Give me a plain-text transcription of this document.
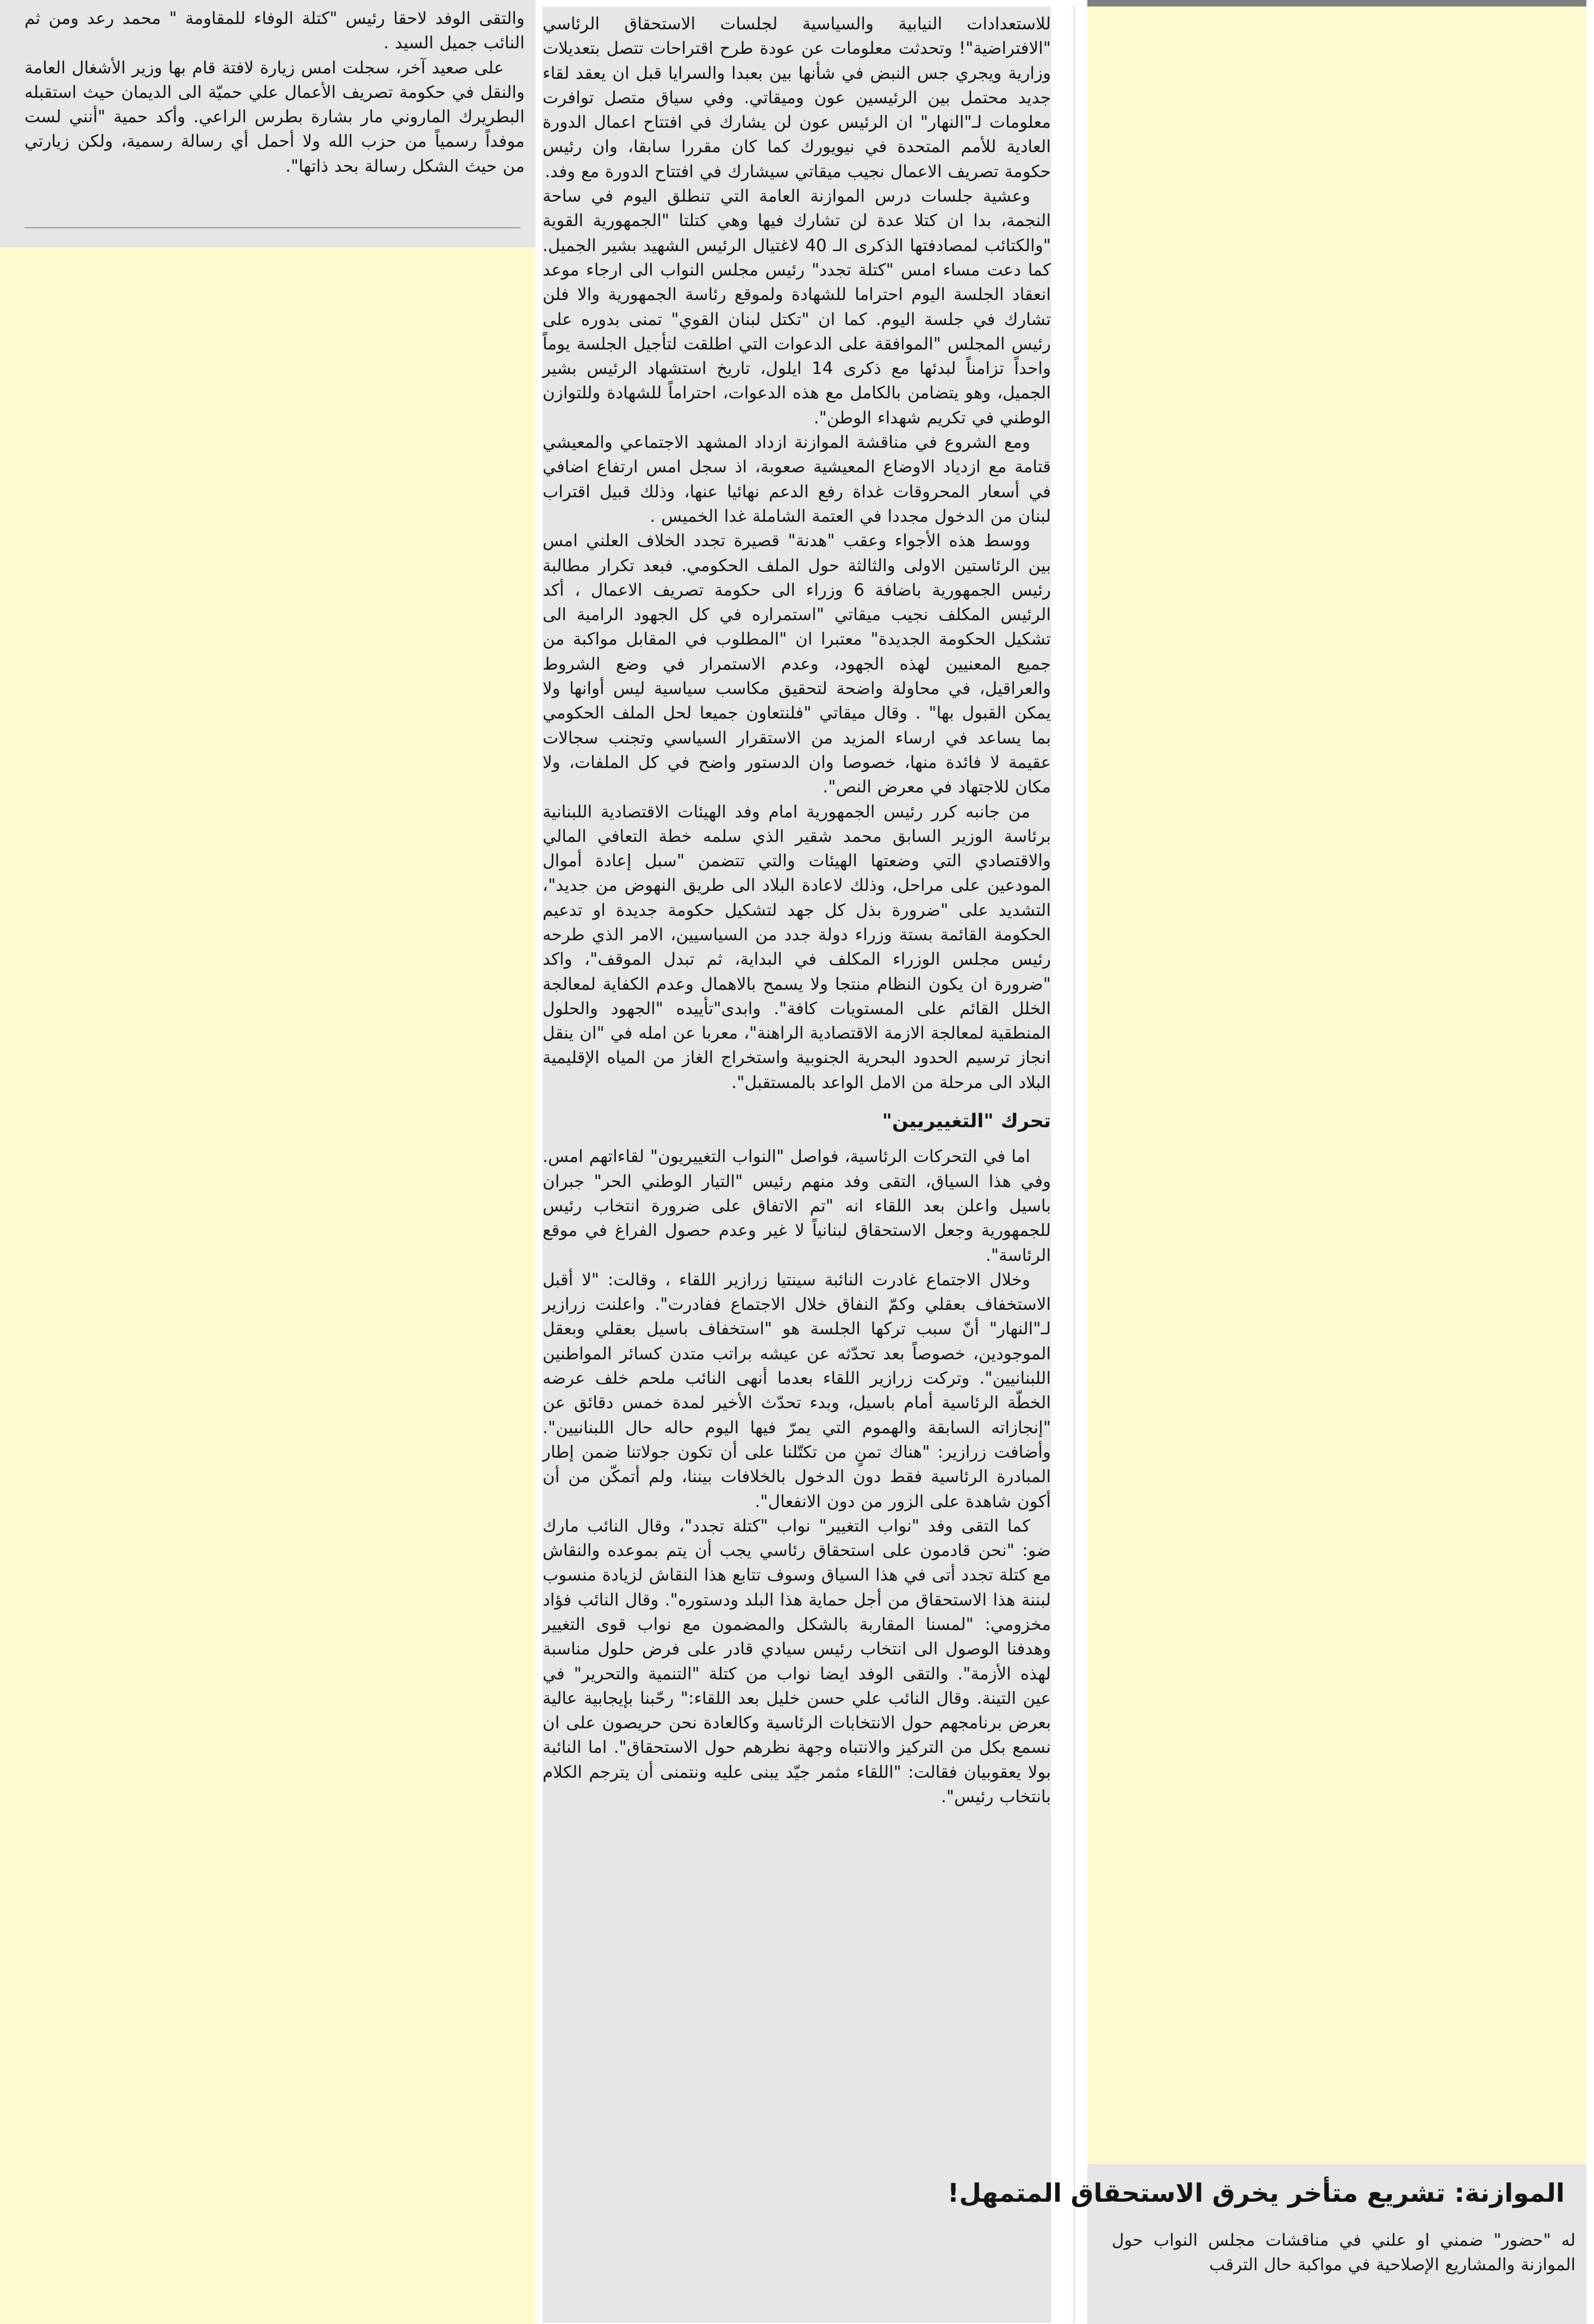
والتقى الوفد لاحقا رئيس "كتلة الوفاء للمقاومة " محمد رعد ومن ثم النائب جميل السيد .

على صعيد آخر، سجلت امس زيارة لافتة قام بها وزير الأشغال العامة والنقل في حكومة تصريف الأعمال علي حميّة الى الديمان حيث استقبله البطريرك الماروني مار بشارة بطرس الراعي. وأكد حمية "أنني لست موفداً رسمياً من حزب الله ولا أحمل أي رسالة رسمية، ولكن زيارتي من حيث الشكل رسالة بحد ذاتها".

للاستعدادات النيابية والسياسية لجلسات الاستحقاق الرئاسي "الافتراضية"! وتحدثت معلومات عن عودة طرح اقتراحات تتصل بتعديلات وزارية ويجري جس النبض في شأنها بين بعبدا والسرايا قبل ان يعقد لقاء جديد محتمل بين الرئيسين عون وميقاتي. وفي سياق متصل توافرت معلومات لـ"النهار" ان الرئيس عون لن يشارك في افتتاح اعمال الدورة العادية للأمم المتحدة في نيويورك كما كان مقررا سابقا، وان رئيس حكومة تصريف الاعمال نجيب ميقاتي سيشارك في افتتاح الدورة مع وفد.

وعشية جلسات درس الموازنة العامة التي تنطلق اليوم في ساحة النجمة، بدا ان كتلا عدة لن تشارك فيها وهي كتلتا "الجمهورية القوية "والكتائب لمصادفتها الذكرى الـ 40 لاغتيال الرئيس الشهيد بشير الجميل. كما دعت مساء امس "كتلة تجدد" رئيس مجلس النواب الى ارجاء موعد انعقاد الجلسة اليوم احتراما للشهادة ولموقع رئاسة الجمهورية والا فلن تشارك في جلسة اليوم. كما ان "تكتل لبنان القوي" تمنى بدوره على رئيس المجلس "الموافقة على الدعوات التي اطلقت لتأجيل الجلسة يوماً واحداً تزامناً لبدئها مع ذكرى 14 ايلول، تاريخ استشهاد الرئيس بشير الجميل، وهو يتضامن بالكامل مع هذه الدعوات، احتراماً للشهادة وللتوازن الوطني في تكريم شهداء الوطن".

ومع الشروع في مناقشة الموازنة ازداد المشهد الاجتماعي والمعيشي قتامة مع ازدياد الاوضاع المعيشية صعوبة، اذ سجل امس ارتفاع اضافي في أسعار المحروقات غداة رفع الدعم نهائيا عنها، وذلك قبيل اقتراب لبنان من الدخول مجددا في العتمة الشاملة غدا الخميس .

ووسط هذه الأجواء وعقب "هدنة" قصيرة تجدد الخلاف العلني امس بين الرئاستين الاولى والثالثة حول الملف الحكومي. فبعد تكرار مطالبة رئيس الجمهورية باضافة 6 وزراء الى حكومة تصريف الاعمال ، أكد الرئيس المكلف نجيب ميقاتي "استمراره في كل الجهود الرامية الى تشكيل الحكومة الجديدة" معتبرا ان "المطلوب في المقابل مواكبة من جميع المعنيين لهذه الجهود، وعدم الاستمرار في وضع الشروط والعراقيل، في محاولة واضحة لتحقيق مكاسب سياسية ليس أوانها ولا يمكن القبول بها" . وقال ميقاتي "فلنتعاون جميعا لحل الملف الحكومي بما يساعد في ارساء المزيد من الاستقرار السياسي وتجنب سجالات عقيمة لا فائدة منها، خصوصا وان الدستور واضح في كل الملفات، ولا مكان للاجتهاد في معرض النص".

من جانبه كرر رئيس الجمهورية امام وفد الهيئات الاقتصادية اللبنانية برئاسة الوزير السابق محمد شقير الذي سلمه خطة التعافي المالي والاقتصادي التي وضعتها الهيئات والتي تتضمن "سبل إعادة أموال المودعين على مراحل، وذلك لاعادة البلاد الى طريق النهوض من جديد"، التشديد على "ضرورة بذل كل جهد لتشكيل حكومة جديدة او تدعيم الحكومة القائمة بستة وزراء دولة جدد من السياسيين، الامر الذي طرحه رئيس مجلس الوزراء المكلف في البداية، ثم تبدل الموقف"، واكد "ضرورة ان يكون النظام منتجا ولا يسمح بالاهمال وعدم الكفاية لمعالجة الخلل القائم على المستويات كافة". وابدى"تأييده "الجهود والحلول المنطقية لمعالجة الازمة الاقتصادية الراهنة"، معربا عن امله في "ان ينقل انجاز ترسيم الحدود البحرية الجنوبية واستخراج الغاز من المياه الإقليمية البلاد الى مرحلة من الامل الواعد بالمستقبل".

تحرك "التغييريين"

اما في التحركات الرئاسية، فواصل "النواب التغييريون" لقاءاتهم امس. وفي هذا السياق، التقى وفد منهم رئيس "التيار الوطني الحر" جبران باسيل واعلن بعد اللقاء انه "تم الاتفاق على ضرورة انتخاب رئيس للجمهورية وجعل الاستحقاق لبنانياً لا غير وعدم حصول الفراغ في موقع الرئاسة".

وخلال الاجتماع غادرت النائبة سينتيا زرازير اللقاء ، وقالت: "لا أقبل الاستخفاف بعقلي وكمّ النفاق خلال الاجتماع ففادرت". واعلنت زرازير لـ"النهار" أنّ سبب تركها الجلسة هو "استخفاف باسيل بعقلي وبعقل الموجودين، خصوصاً بعد تحدّثه عن عيشه براتب متدن كسائر المواطنين اللبنانيين". وتركت زرازير اللقاء بعدما أنهى النائب ملحم خلف عرضه الخطّة الرئاسية أمام باسيل، وبدء تحدّث الأخير لمدة خمس دقائق عن "إنجازاته السابقة والهموم التي يمرّ فيها اليوم حاله حال اللبنانيين". وأضافت زرازير: "هناك تمنٍ من تكتّلنا على أن تكون جولاتنا ضمن إطار المبادرة الرئاسية فقط دون الدخول بالخلافات بيننا، ولم أتمكّن من أن أكون شاهدة على الزور من دون الانفعال".

كما التقى وفد "نواب التغيير" نواب "كتلة تجدد"، وقال النائب مارك ضو: "نحن قادمون على استحقاق رئاسي يجب أن يتم بموعده والنقاش مع كتلة تجدد أتى في هذا السياق وسوف تتابع هذا النقاش لزيادة منسوب لبننة هذا الاستحقاق من أجل حماية هذا البلد ودستوره". وقال النائب فؤاد مخزومي: "لمسنا المقاربة بالشكل والمضمون مع نواب قوى التغيير وهدفنا الوصول الى انتخاب رئيس سيادي قادر على فرض حلول مناسبة لهذه الأزمة". والتقى الوفد ايضا نواب من كتلة "التنمية والتحرير" في عين التينة. وقال النائب علي حسن خليل بعد اللقاء:" رحّبنا بإيجابية عالية بعرض برنامجهم حول الانتخابات الرئاسية وكالعادة نحن حريصون على ان نسمع بكل من التركيز والانتباه وجهة نظرهم حول الاستحقاق". اما النائبة بولا يعقوبيان فقالت: "اللقاء مثمر جيّد يبنى عليه ونتمنى أن يترجم الكلام بانتخاب رئيس".

الموازنة: تشريع متأخر يخرق الاستحقاق المتمهل!

له "حضور" ضمني او علني في مناقشات مجلس النواب حول الموازنة والمشاريع الإصلاحية في مواكبة حال الترقب
